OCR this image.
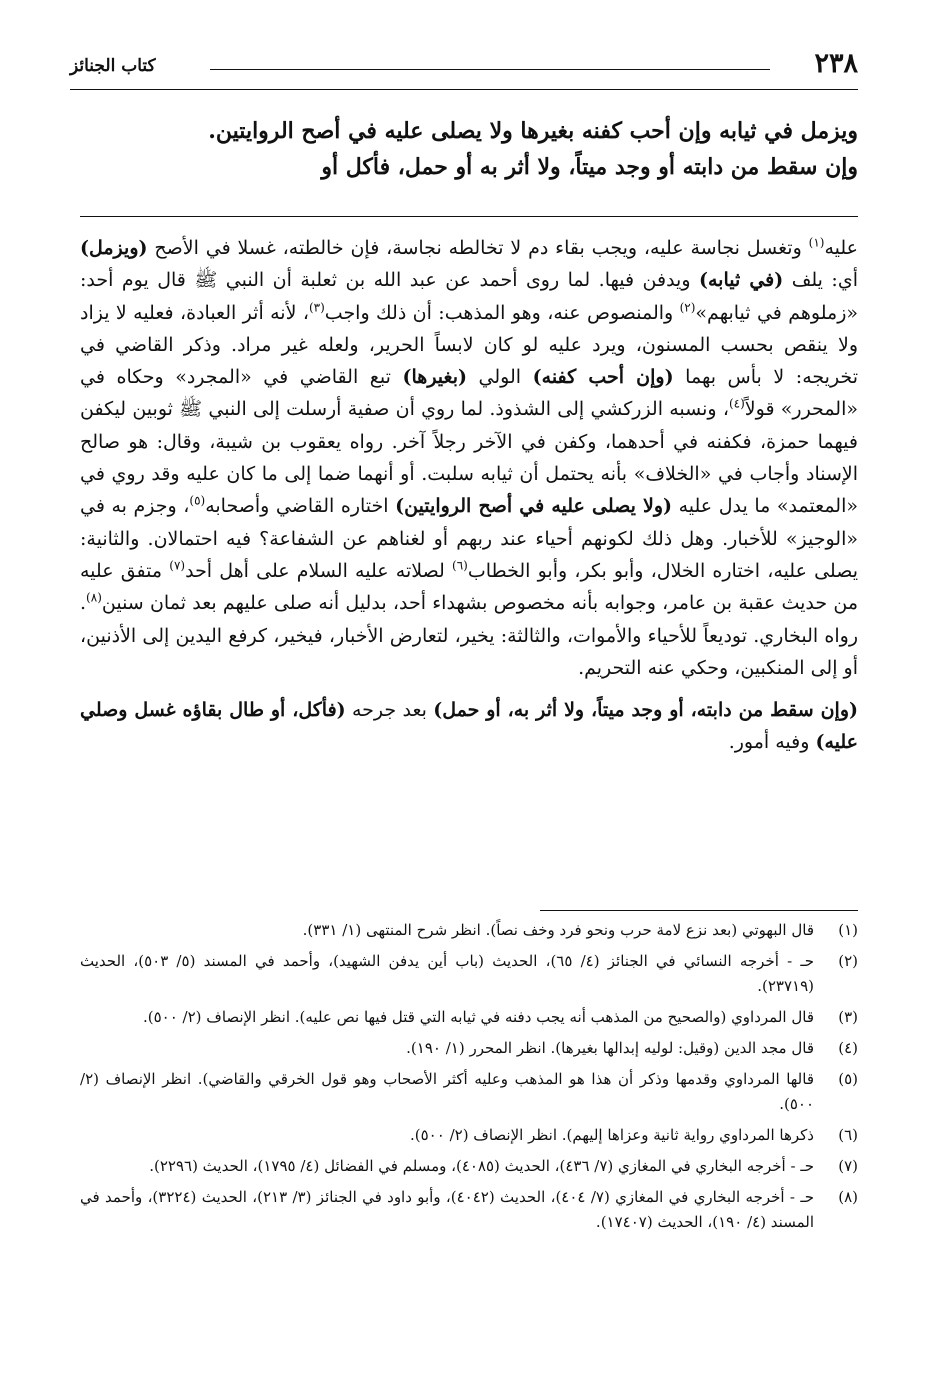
٢٣٨
كتاب الجنائز

ويزمل في ثيابه وإن أحب كفنه بغيرها ولا يصلى عليه في أصح الروايتين.

وإن سقط من دابته أو وجد ميتاً، ولا أثر به أو حمل، فأكل أو

عليه$^{(١)}$ وتغسل نجاسة عليه، ويجب بقاء دم لا تخالطه نجاسة، فإن خالطته، غسلا في الأصح (ويزمل) أي: يلف (في ثيابه) ويدفن فيها. لما روى أحمد عن عبد الله بن ثعلبة أن النبي ﷺ قال يوم أحد: «زملوهم في ثيابهم»$^{(٢)}$ والمنصوص عنه، وهو المذهب: أن ذلك واجب$^{(٣)}$، لأنه أثر العبادة، فعليه لا يزاد ولا ينقص بحسب المسنون، ويرد عليه لو كان لابساً الحرير، ولعله غير مراد. وذكر القاضي في تخريجه: لا بأس بهما (وإن أحب كفنه) الولي (بغيرها) تبع القاضي في «المجرد» وحكاه في «المحرر» قولاً$^{(٤)}$، ونسبه الزركشي إلى الشذوذ. لما روي أن صفية أرسلت إلى النبي ﷺ ثوبين ليكفن فيهما حمزة، فكفنه في أحدهما، وكفن في الآخر رجلاً آخر. رواه يعقوب بن شيبة، وقال: هو صالح الإسناد وأجاب في «الخلاف» بأنه يحتمل أن ثيابه سلبت. أو أنهما ضما إلى ما كان عليه وقد روي في «المعتمد» ما يدل عليه (ولا يصلى عليه في أصح الروايتين) اختاره القاضي وأصحابه$^{(٥)}$، وجزم به في «الوجيز» للأخبار. وهل ذلك لكونهم أحياء عند ربهم أو لغناهم عن الشفاعة؟ فيه احتمالان. والثانية: يصلى عليه، اختاره الخلال، وأبو بكر، وأبو الخطاب$^{(٦)}$ لصلاته عليه السلام على أهل أحد$^{(٧)}$ متفق عليه من حديث عقبة بن عامر، وجوابه بأنه مخصوص بشهداء أحد، بدليل أنه صلى عليهم بعد ثمان سنين$^{(٨)}$. رواه البخاري. توديعاً للأحياء والأموات، والثالثة: يخير، لتعارض الأخبار، فيخير، كرفع اليدين إلى الأذنين، أو إلى المنكبين، وحكي عنه التحريم.

(وإن سقط من دابته، أو وجد ميتاً، ولا أثر به، أو حمل) بعد جرحه (فأكل، أو طال بقاؤه غسل وصلي عليه) وفيه أمور.

(١)
قال البهوتي (بعد نزع لامة حرب ونحو فرد وخف نصاً). انظر شرح المنتهى (١/ ٣٣١).
(٢)
حـ - أخرجه النسائي في الجنائز (٤/ ٦٥)، الحديث (باب أين يدفن الشهيد)، وأحمد في المسند (٥/ ٥٠٣)، الحديث (٢٣٧١٩).
(٣)
قال المرداوي (والصحيح من المذهب أنه يجب دفنه في ثيابه التي قتل فيها نص عليه). انظر الإنصاف (٢/ ٥٠٠).
(٤)
قال مجد الدين (وقيل: لوليه إبدالها بغيرها). انظر المحرر (١/ ١٩٠).
(٥)
قالها المرداوي وقدمها وذكر أن هذا هو المذهب وعليه أكثر الأصحاب وهو قول الخرقي والقاضي). انظر الإنصاف (٢/ ٥٠٠).
(٦)
ذكرها المرداوي رواية ثانية وعزاها إليهم). انظر الإنصاف (٢/ ٥٠٠).
(٧)
حـ - أخرجه البخاري في المغازي (٧/ ٤٣٦)، الحديث (٤٠٨٥)، ومسلم في الفضائل (٤/ ١٧٩٥)، الحديث (٢٢٩٦).
(٨)
حـ - أخرجه البخاري في المغازي (٧/ ٤٠٤)، الحديث (٤٠٤٢)، وأبو داود في الجنائز (٣/ ٢١٣)، الحديث (٣٢٢٤)، وأحمد في المسند (٤/ ١٩٠)، الحديث (١٧٤٠٧).
